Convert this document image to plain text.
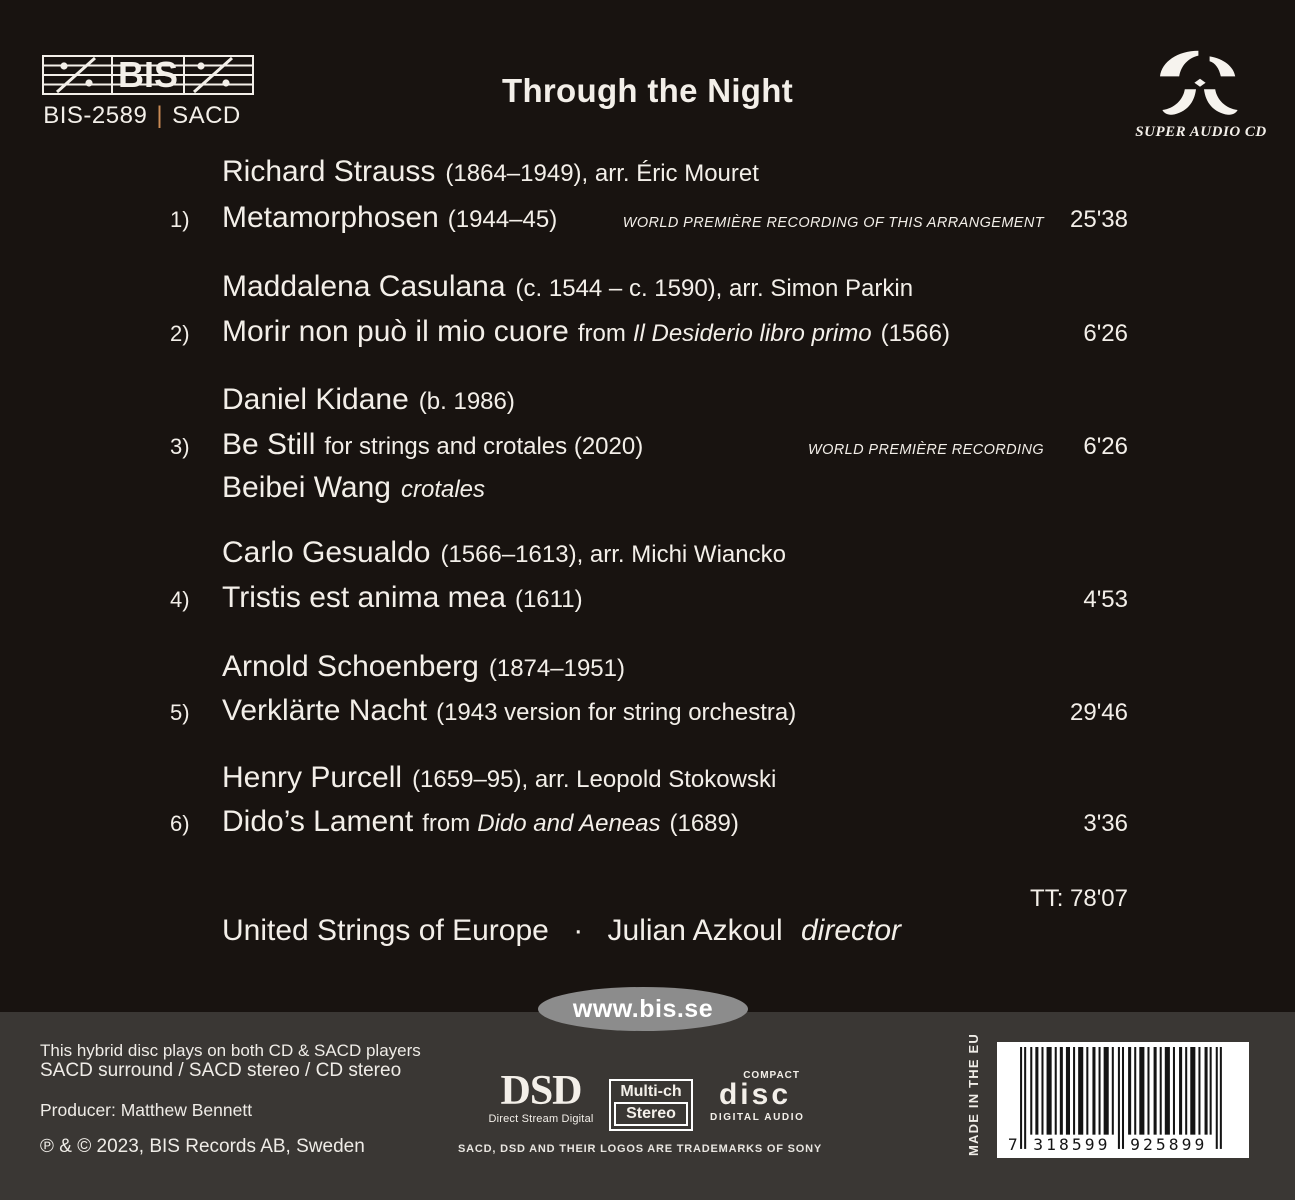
BIS
BIS-2589 | SACD
Through the Night
SUPER AUDIO CD
Richard Strauss (1864–1949), arr. Éric Mouret
1)	Metamorphosen (1944–45)	WORLD PREMIÈRE RECORDING OF THIS ARRANGEMENT	25'38
Maddalena Casulana (c. 1544 – c. 1590), arr. Simon Parkin
2)	Morir non può il mio cuore from Il Desiderio libro primo (1566)	6'26
Daniel Kidane (b. 1986)
3)	Be Still for strings and crotales (2020)	WORLD PREMIÈRE RECORDING	6'26
Beibei Wang crotales
Carlo Gesualdo (1566–1613), arr. Michi Wiancko
4)	Tristis est anima mea (1611)	4'53
Arnold Schoenberg (1874–1951)
5)	Verklärte Nacht (1943 version for string orchestra)	29'46
Henry Purcell (1659–95), arr. Leopold Stokowski
6)	Dido’s Lament from Dido and Aeneas (1689)	3'36
TT: 78'07
United Strings of Europe · Julian Azkoul director
www.bis.se
This hybrid disc plays on both CD & SACD players
SACD surround / SACD stereo / CD stereo
Producer: Matthew Bennett
℗ & © 2023, BIS Records AB, Sweden
DSD
Direct Stream Digital
Multi-ch
Stereo
COMPACT
disc
DIGITAL AUDIO
SACD, DSD AND THEIR LOGOS ARE TRADEMARKS OF SONY	MADE IN THE EU 7 318599 925899
